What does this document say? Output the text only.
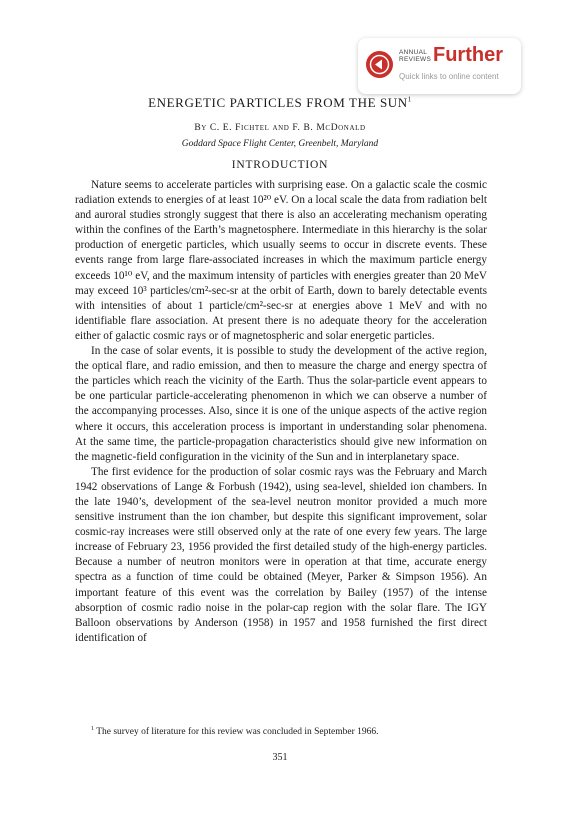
ANNUAL
REVIEWS Further
Quick links to online content
ENERGETIC PARTICLES FROM THE SUN$^1$
By C. E. Fichtel and F. B. McDonald
Goddard Space Flight Center, Greenbelt, Maryland
INTRODUCTION

Nature seems to accelerate particles with surprising ease. On a galactic scale the cosmic radiation extends to energies of at least 10²⁰ eV. On a local scale the data from radiation belt and auroral studies strongly suggest that there is also an accelerating mechanism operating within the confines of the Earth’s magnetosphere. Intermediate in this hierarchy is the solar production of energetic particles, which usually seems to occur in discrete events. These events range from large flare-associated increases in which the maximum particle energy exceeds 10¹⁰ eV, and the maximum intensity of particles with energies greater than 20 MeV may exceed 10³ particles/cm²-sec-sr at the orbit of Earth, down to barely detectable events with intensities of about 1 particle/cm²-sec-sr at energies above 1 MeV and with no identifiable flare association. At present there is no adequate theory for the acceleration either of galactic cosmic rays or of magnetospheric and solar energetic particles.

In the case of solar events, it is possible to study the development of the active region, the optical flare, and radio emission, and then to measure the charge and energy spectra of the particles which reach the vicinity of the Earth. Thus the solar-particle event appears to be one particular particle-accelerating phenomenon in which we can observe a number of the accompanying processes. Also, since it is one of the unique aspects of the active region where it occurs, this acceleration process is important in understanding solar phenomena. At the same time, the particle-propagation characteristics should give new information on the magnetic-field configuration in the vicinity of the Sun and in interplanetary space.

The first evidence for the production of solar cosmic rays was the February and March 1942 observations of Lange & Forbush (1942), using sea-level, shielded ion chambers. In the late 1940’s, development of the sea-level neutron monitor provided a much more sensitive instrument than the ion chamber, but despite this significant improvement, solar cosmic-ray increases were still observed only at the rate of one every few years. The large increase of February 23, 1956 provided the first detailed study of the high-energy particles. Because a number of neutron monitors were in operation at that time, accurate energy spectra as a function of time could be obtained (Meyer, Parker & Simpson 1956). An important feature of this event was the correlation by Bailey (1957) of the intense absorption of cosmic radio noise in the polar-cap region with the solar flare. The IGY Balloon observations by Anderson (1958) in 1957 and 1958 furnished the first direct identification of

$^1$ The survey of literature for this review was concluded in September 1966.
351
